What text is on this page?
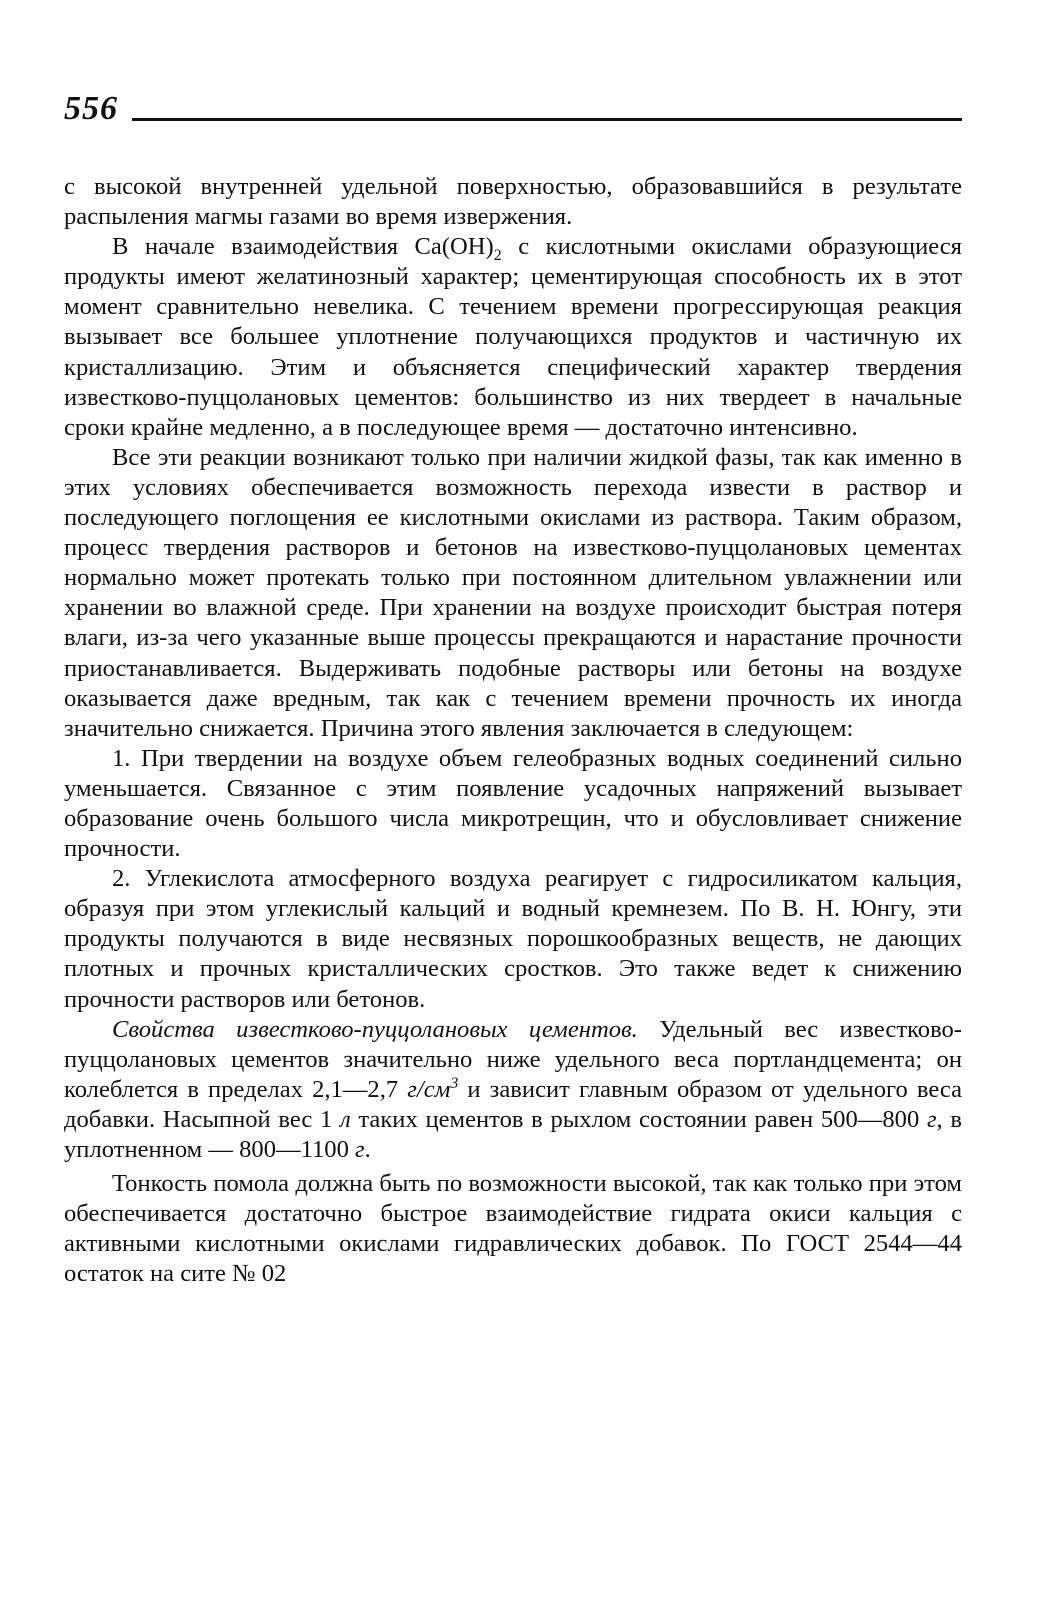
556

с высокой внутренней удельной поверхностью, образовавшийся в результате распыления магмы газами во время извержения.

В начале взаимодействия $Ca(OH)_2$ с кислотными окислами образующиеся продукты имеют желатинозный характер; цементирующая способность их в этот момент сравнительно невелика. С течением времени прогрессирующая реакция вызывает все большее уплотнение получающихся продуктов и частичную их кристаллизацию. Этим и объясняется специфический характер твердения известково-пуццолановых цементов: большинство из них твердеет в начальные сроки крайне медленно, а в последующее время — достаточно интенсивно.

Все эти реакции возникают только при наличии жидкой фазы, так как именно в этих условиях обеспечивается возможность перехода извести в раствор и последующего поглощения ее кислотными окислами из раствора. Таким образом, процесс твердения растворов и бетонов на известково-пуццолановых цементах нормально может протекать только при постоянном длительном увлажнении или хранении во влажной среде. При хранении на воздухе происходит быстрая потеря влаги, из-за чего указанные выше процессы прекращаются и нарастание прочности приостанавливается. Выдерживать подобные растворы или бетоны на воздухе оказывается даже вредным, так как с течением времени прочность их иногда значительно снижается. Причина этого явления заключается в следующем:

1. При твердении на воздухе объем гелеобразных водных соединений сильно уменьшается. Связанное с этим появление усадочных напряжений вызывает образование очень большого числа микротрещин, что и обусловливает снижение прочности.

2. Углекислота атмосферного воздуха реагирует с гидросиликатом кальция, образуя при этом углекислый кальций и водный кремнезем. По В. Н. Юнгу, эти продукты получаются в виде несвязных порошкообразных веществ, не дающих плотных и прочных кристаллических сростков. Это также ведет к снижению прочности растворов или бетонов.

Свойства известково-пуццолановых цементов. Удельный вес известково-пуццолановых цементов значительно ниже удельного веса портландцемента; он колеблется в пределах 2,1—2,7 $г/см^3$ и зависит главным образом от удельного веса добавки. Насыпной вес 1 л таких цементов в рыхлом состоянии равен 500—800 г, в уплотненном — 800—1100 г.

Тонкость помола должна быть по возможности высокой, так как только при этом обеспечивается достаточно быстрое взаимодействие гидрата окиси кальция с активными кислотными окислами гидравлических добавок. По ГОСТ 2544—44 остаток на сите № 02
